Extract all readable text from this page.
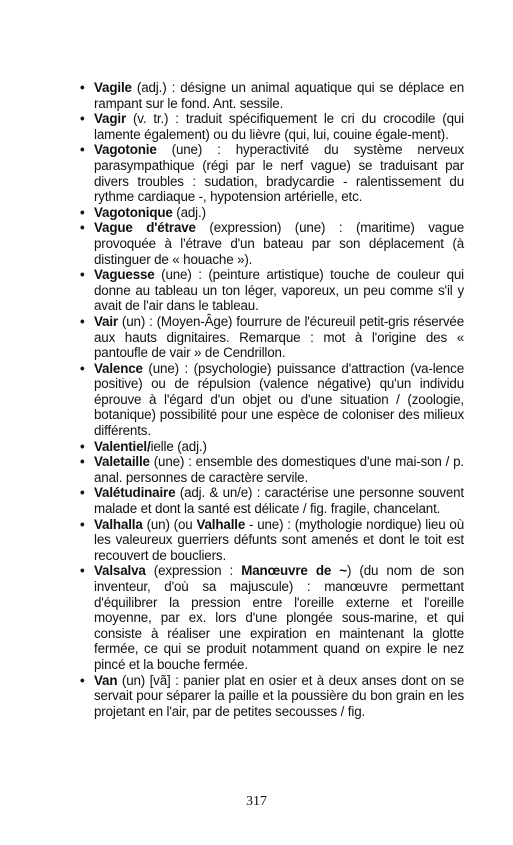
• Vagile (adj.) : désigne un animal aquatique qui se déplace en rampant sur le fond. Ant. sessile.
• Vagir (v. tr.) : traduit spécifiquement le cri du crocodile (qui lamente également) ou du lièvre (qui, lui, couine égale-ment).
• Vagotonie (une) : hyperactivité du système nerveux parasympathique (régi par le nerf vague) se traduisant par divers troubles : sudation, bradycardie - ralentissement du rythme cardiaque -, hypotension artérielle, etc.
• Vagotonique (adj.)
• Vague d'étrave (expression) (une) : (maritime) vague provoquée à l'étrave d'un bateau par son déplacement (à distinguer de « houache »).
• Vaguesse (une) : (peinture artistique) touche de couleur qui donne au tableau un ton léger, vaporeux, un peu comme s'il y avait de l'air dans le tableau.
• Vair (un) : (Moyen-Âge) fourrure de l'écureuil petit-gris réservée aux hauts dignitaires. Remarque : mot à l'origine des « pantoufle de vair » de Cendrillon.
• Valence (une) : (psychologie) puissance d'attraction (va-lence positive) ou de répulsion (valence négative) qu'un individu éprouve à l'égard d'un objet ou d'une situation / (zoologie, botanique) possibilité pour une espèce de coloniser des milieux différents.
• Valentiel/ielle (adj.)
• Valetaille (une) : ensemble des domestiques d'une mai-son / p. anal. personnes de caractère servile.
• Valétudinaire (adj. & un/e) : caractérise une personne souvent malade et dont la santé est délicate / fig. fragile, chancelant.
• Valhalla (un) (ou Valhalle - une) : (mythologie nordique) lieu où les valeureux guerriers défunts sont amenés et dont le toit est recouvert de boucliers.
• Valsalva (expression : Manœuvre de ~) (du nom de son inventeur, d'où sa majuscule) : manœuvre permettant d'équilibrer la pression entre l'oreille externe et l'oreille moyenne, par ex. lors d'une plongée sous-marine, et qui consiste à réaliser une expiration en maintenant la glotte fermée, ce qui se produit notamment quand on expire le nez pincé et la bouche fermée.
• Van (un) [vã] : panier plat en osier et à deux anses dont on se servait pour séparer la paille et la poussière du bon grain en les projetant en l'air, par de petites secousses / fig.
317
